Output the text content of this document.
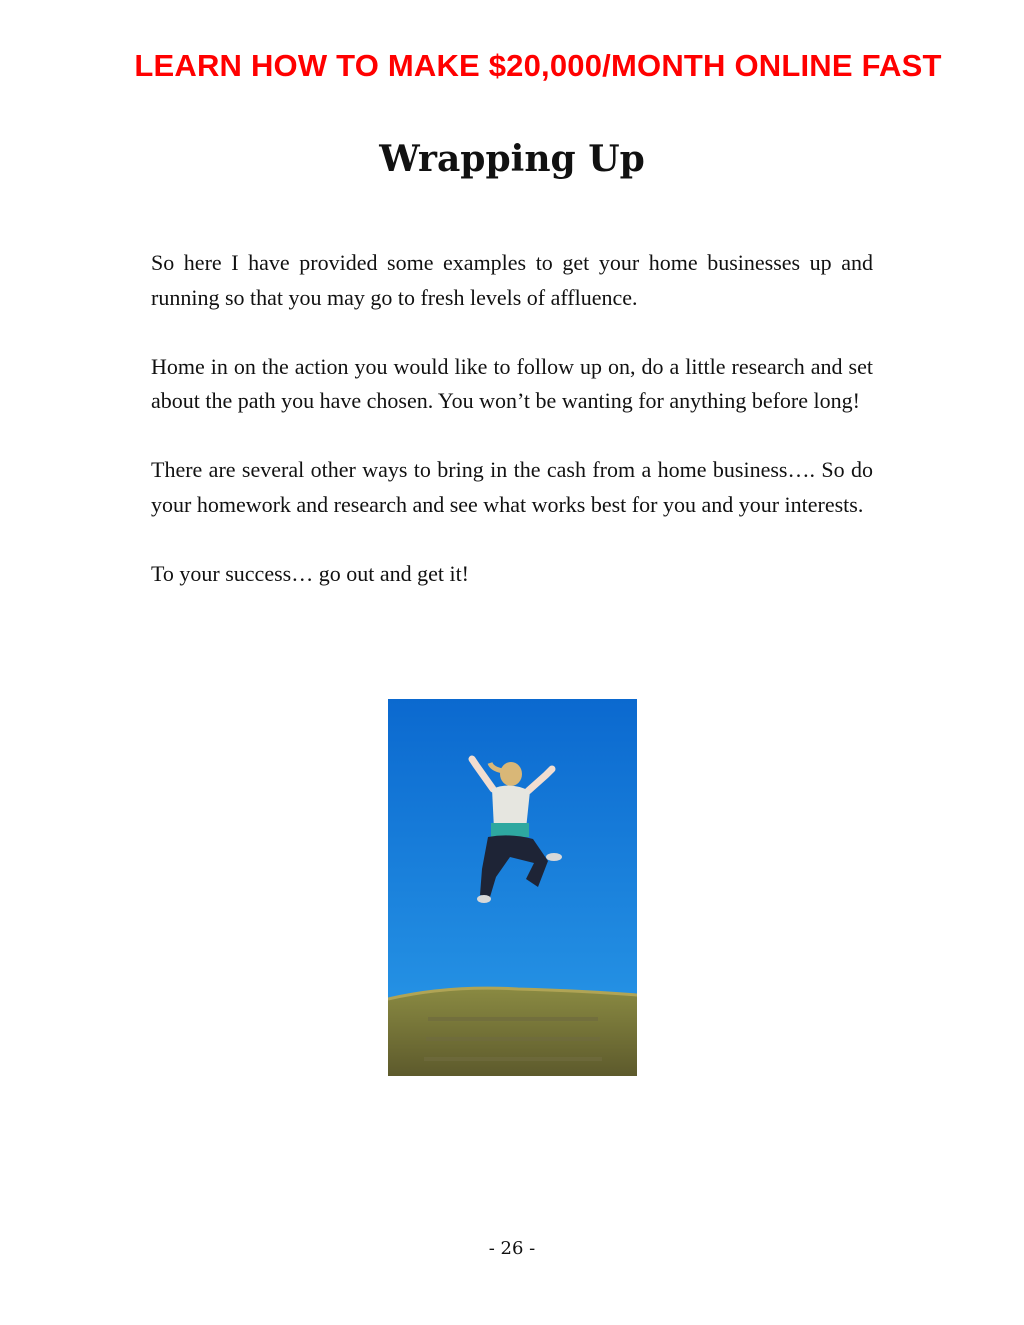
LEARN HOW TO MAKE $20,000/MONTH ONLINE FAST
Wrapping Up

So here I have provided some examples to get your home businesses up and running so that you may go to fresh levels of affluence.

Home in on the action you would like to follow up on, do a little research and set about the path you have chosen. You won’t be wanting for anything before long!

There are several other ways to bring in the cash from a home business…. So do your homework and research and see what works best for you and your interests.

To your success… go out and get it!

- 26 -
